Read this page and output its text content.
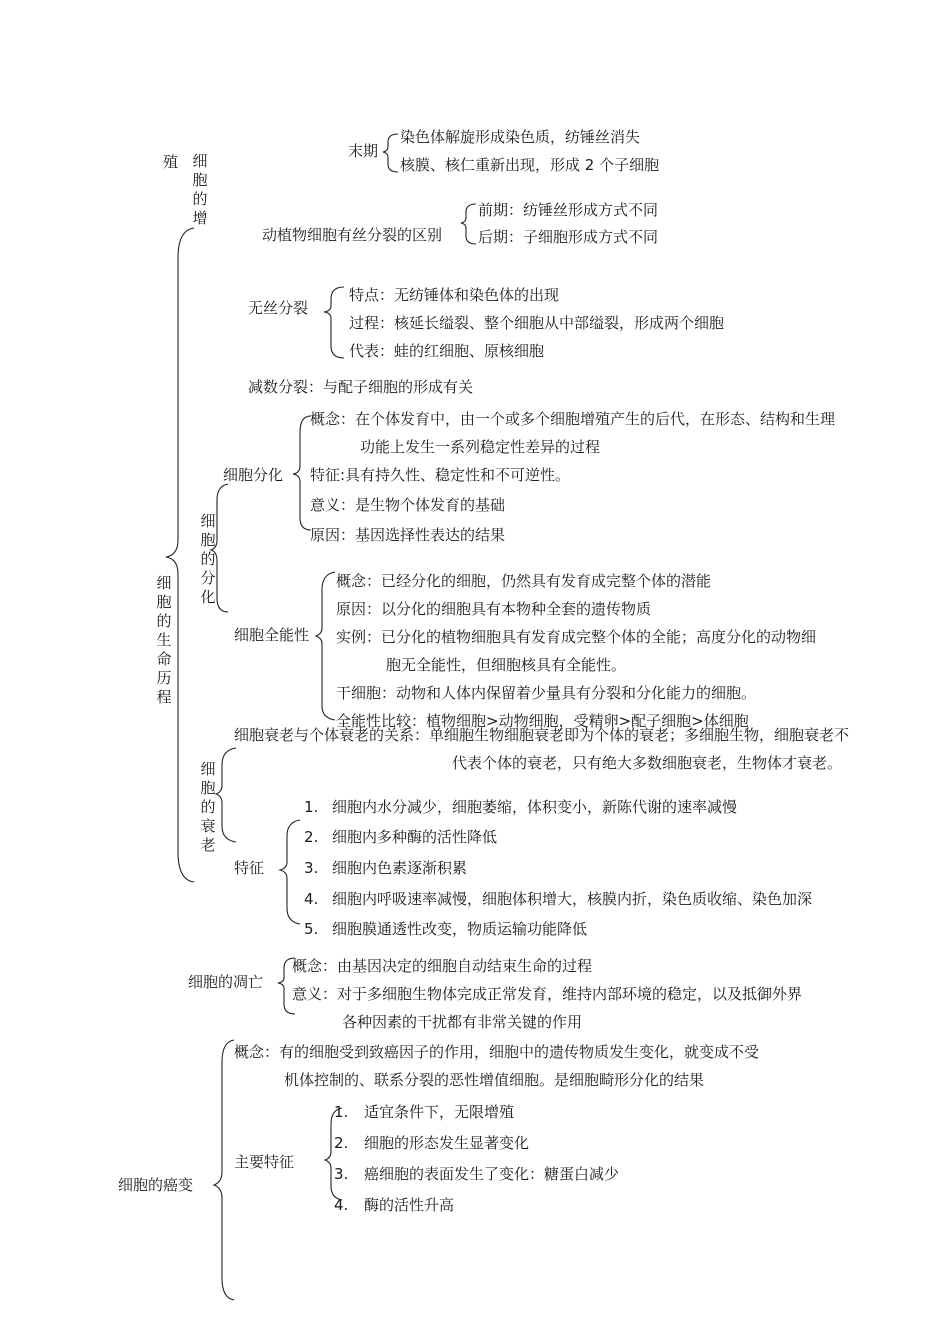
殖 细胞的增
末期
染色体解旋形成染色质，纺锤丝消失
核膜、核仁重新出现，形成 2 个子细胞
动植物细胞有丝分裂的区别
前期：纺锤丝形成方式不同
后期：子细胞形成方式不同
无丝分裂
特点：无纺锤体和染色体的出现
过程：核延长缢裂、整个细胞从中部缢裂，形成两个细胞
代表：蛙的红细胞、原核细胞
减数分裂：与配子细胞的形成有关
细胞的生命历程
细胞的分化
细胞分化
概念：在个体发育中，由一个或多个细胞增殖产生的后代，在形态、结构和生理
功能上发生一系列稳定性差异的过程
特征:具有持久性、稳定性和不可逆性。
意义：是生物个体发育的基础
原因：基因选择性表达的结果
细胞全能性
概念：已经分化的细胞，仍然具有发育成完整个体的潜能
原因：以分化的细胞具有本物种全套的遗传物质
实例：已分化的植物细胞具有发育成完整个体的全能；高度分化的动物细
胞无全能性，但细胞核具有全能性。
干细胞：动物和人体内保留着少量具有分裂和分化能力的细胞。
全能性比较：植物细胞>动物细胞，受精卵>配子细胞>体细胞
细胞衰老与个体衰老的关系：单细胞生物细胞衰老即为个体的衰老；多细胞生物，细胞衰老不
代表个体的衰老，只有绝大多数细胞衰老，生物体才衰老。
细胞的衰老
特征
1. 细胞内水分减少，细胞萎缩，体积变小，新陈代谢的速率减慢
2. 细胞内多种酶的活性降低
3. 细胞内色素逐渐积累
4. 细胞内呼吸速率减慢，细胞体积增大，核膜内折，染色质收缩、染色加深
5. 细胞膜通透性改变，物质运输功能降低
细胞的凋亡
概念：由基因决定的细胞自动结束生命的过程
意义：对于多细胞生物体完成正常发育，维持内部环境的稳定，以及抵御外界
各种因素的干扰都有非常关键的作用
细胞的癌变
概念：有的细胞受到致癌因子的作用，细胞中的遗传物质发生变化，就变成不受
机体控制的、联系分裂的恶性增值细胞。是细胞畸形分化的结果
主要特征
1. 适宜条件下，无限增殖
2. 细胞的形态发生显著变化
3. 癌细胞的表面发生了变化：糖蛋白减少
4. 酶的活性升高
